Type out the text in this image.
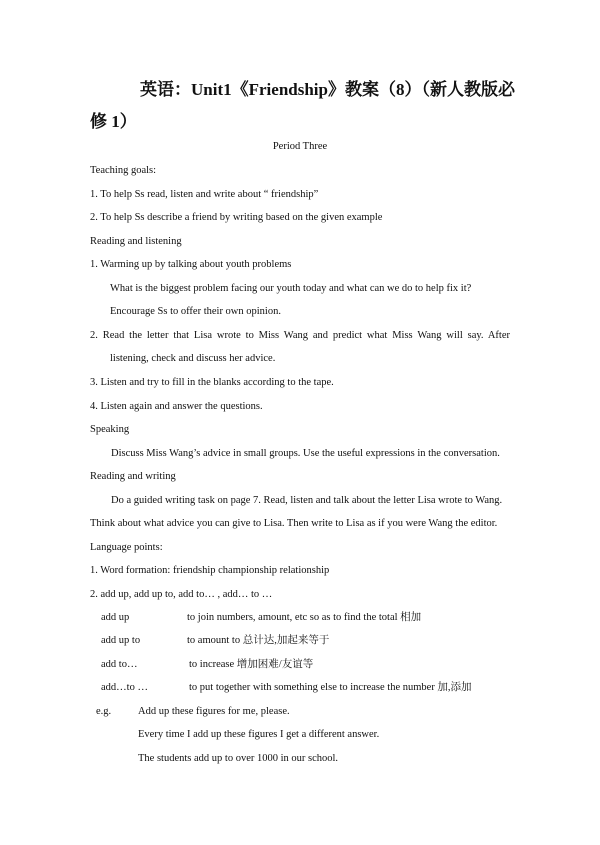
英语：Unit1《Friendship》教案（8）（新人教版必
修 1）
Period Three
Teaching goals:
1. To help Ss read, listen and write about “ friendship”
2. To help Ss describe a friend by writing based on the given example
Reading and listening
1. Warming up by talking about youth problems
What is the biggest problem facing our youth today and what can we do to help fix it?
Encourage Ss to offer their own opinion.
2. Read the letter that Lisa wrote to Miss Wang and predict what Miss Wang will say. After
listening, check and discuss her advice.
3. Listen and try to fill in the blanks according to the tape.
4. Listen again and answer the questions.
Speaking
Discuss Miss Wang’s advice in small groups. Use the useful expressions in the conversation.
Reading and writing
Do a guided writing task on page 7. Read, listen and talk about the letter Lisa wrote to Wang.
Think about what advice you can give to Lisa. Then write to Lisa as if you were Wang the editor.
Language points:
1. Word formation: friendship championship relationship
2. add up, add up to, add to… , add… to …
add up	to join numbers, amount, etc so as to find the total 相加
add up to	to amount to 总计达,加起来等于
add to…	to increase 增加困难/友谊等
add…to …	to put together with something else to increase the number 加,添加
e.g.	Add up these figures for me, please.
Every time I add up these figures I get a different answer.
The students add up to over 1000 in our school.
